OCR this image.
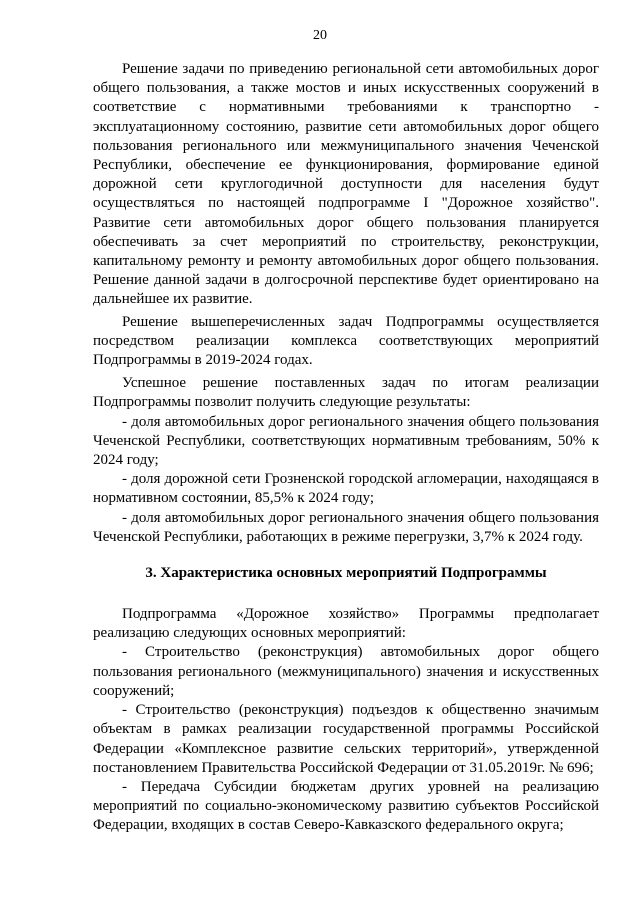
20

Решение задачи по приведению региональной сети автомобильных дорог общего пользования, а также мостов и иных искусственных сооружений в соответствие с нормативными требованиями к транспортно - эксплуатационному состоянию, развитие сети автомобильных дорог общего пользования регионального или межмуниципального значения Чеченской Республики, обеспечение ее функционирования, формирование единой дорожной сети круглогодичной доступности для населения будут осуществляться по настоящей подпрограмме I "Дорожное хозяйство". Развитие сети автомобильных дорог общего пользования планируется обеспечивать за счет мероприятий по строительству, реконструкции, капитальному ремонту и ремонту автомобильных дорог общего пользования. Решение данной задачи в долгосрочной перспективе будет ориентировано на дальнейшее их развитие.

Решение вышеперечисленных задач Подпрограммы осуществляется посредством реализации комплекса соответствующих мероприятий Подпрограммы в 2019-2024 годах.

Успешное решение поставленных задач по итогам реализации Подпрограммы позволит получить следующие результаты:

- доля автомобильных дорог регионального значения общего пользования Чеченской Республики, соответствующих нормативным требованиям, 50% к 2024 году;

- доля дорожной сети Грозненской городской агломерации, находящаяся в нормативном состоянии, 85,5% к 2024 году;

- доля автомобильных дорог регионального значения общего пользования Чеченской Республики, работающих в режиме перегрузки, 3,7% к 2024 году.

3. Характеристика основных мероприятий Подпрограммы

Подпрограмма «Дорожное хозяйство» Программы предполагает реализацию следующих основных мероприятий:

- Строительство (реконструкция) автомобильных дорог общего пользования регионального (межмуниципального) значения и искусственных сооружений;

- Строительство (реконструкция) подъездов к общественно значимым объектам в рамках реализации государственной программы Российской Федерации «Комплексное развитие сельских территорий», утвержденной постановлением Правительства Российской Федерации от 31.05.2019г. № 696;

- Передача Субсидии бюджетам других уровней на реализацию мероприятий по социально-экономическому развитию субъектов Российской Федерации, входящих в состав Северо-Кавказского федерального округа;
